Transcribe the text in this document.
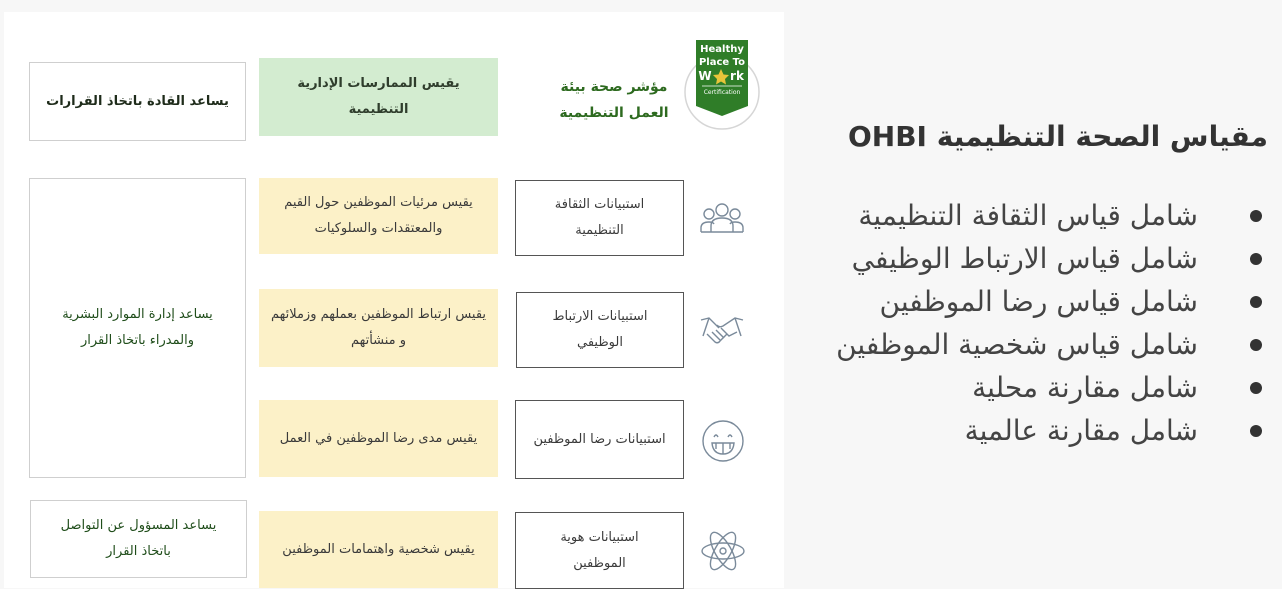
Healthy
Place To
W rk
Certification
مؤشر صحة بيئة العمل التنظيمية
يقيس الممارسات الإدارية التنظيمية
يساعد القادة باتخاذ القرارات
استبيانات الثقافة التنظيمية
يقيس مرئيات الموظفين حول القيم والمعتقدات والسلوكيات
استبيانات الارتباط الوظيفي
يقيس ارتباط الموظفين بعملهم وزملائهم و منشأتهم
استبيانات رضا الموظفين
يقيس مدى رضا الموظفين في العمل
يساعد إدارة الموارد البشرية والمدراء باتخاذ القرار
استبيانات هوية الموظفين
يقيس شخصية واهتمامات الموظفين
يساعد المسؤول عن التواصل باتخاذ القرار
مقياس الصحة التنظيمية OHBI
شامل قياس الثقافة التنظيمية
شامل قياس الارتباط الوظيفي
شامل قياس رضا الموظفين
شامل قياس شخصية الموظفين
شامل مقارنة محلية
شامل مقارنة عالمية
